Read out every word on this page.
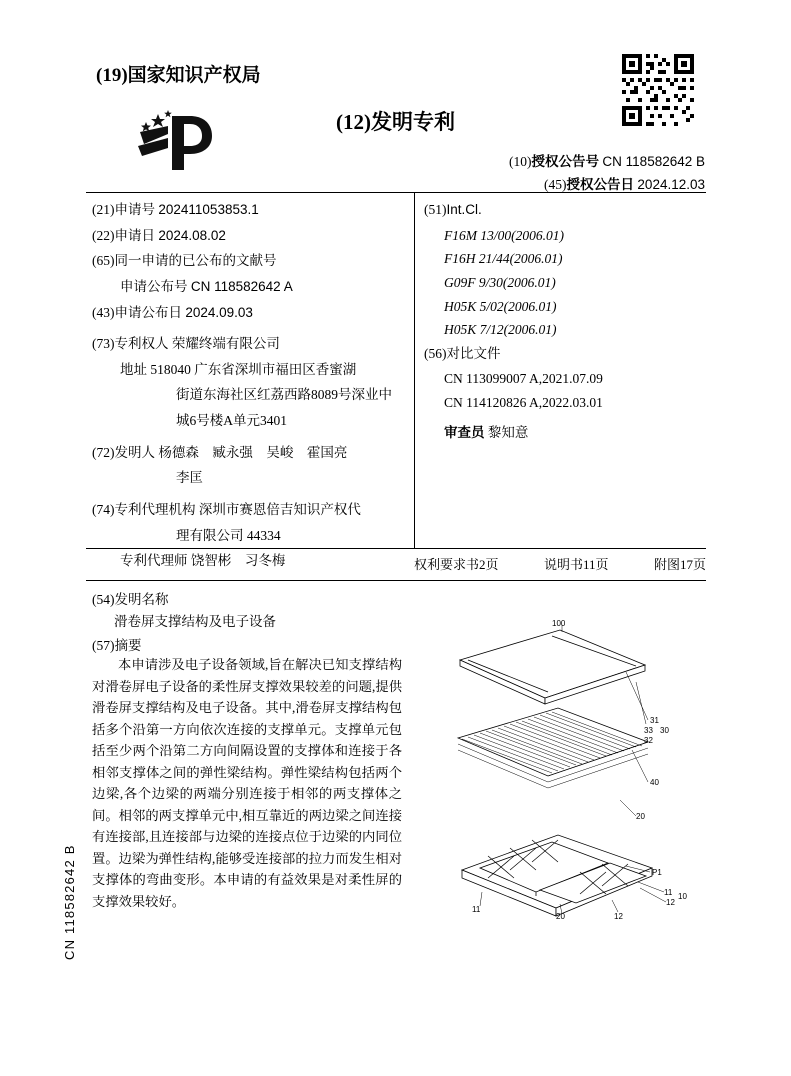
CN 118582642 B
(19)国家知识产权局
(12)发明专利
(10)授权公告号 CN 118582642 B
(45)授权公告日 2024.12.03
(21)申请号 202411053853.1
(22)申请日 2024.08.02
(65)同一申请的已公布的文献号
申请公布号 CN 118582642 A
(43)申请公布日 2024.09.03
(73)专利权人 荣耀终端有限公司
地址 518040 广东省深圳市福田区香蜜湖
街道东海社区红荔西路8089号深业中
城6号楼A单元3401
(72)发明人 杨德森　臧永强　吴峻　霍国亮
李匡
(74)专利代理机构 深圳市赛恩倍吉知识产权代
理有限公司 44334
专利代理师 饶智彬　习冬梅
(51)Int.Cl.
F16M 13/00(2006.01)
F16H 21/44(2006.01)
G09F 9/30(2006.01)
H05K 5/02(2006.01)
H05K 7/12(2006.01)
(56)对比文件
CN 113099007 A,2021.07.09
CN 114120826 A,2022.03.01
审查员 黎知意
权利要求书2页	说明书11页	附图17页
(54)发明名称
滑卷屏支撑结构及电子设备
(57)摘要
本申请涉及电子设备领域,旨在解决已知支撑结构对滑卷屏电子设备的柔性屏支撑效果较差的问题,提供滑卷屏支撑结构及电子设备。其中,滑卷屏支撑结构包括多个沿第一方向依次连接的支撑单元。支撑单元包括至少两个沿第二方向间隔设置的支撑体和连接于各相邻支撑体之间的弹性梁结构。弹性梁结构包括两个边梁,各个边梁的两端分别连接于相邻的两支撑体之间。相邻的两支撑单元中,相互靠近的两边梁之间连接有连接部,且连接部与边梁的连接点位于边梁的内同位置。边梁为弹性结构,能够受连接部的拉力而发生相对支撑体的弯曲变形。本申请的有益效果是对柔性屏的支撑效果较好。
100
31
33 30
32
40
20
P1
11 10
12
11
20	12
